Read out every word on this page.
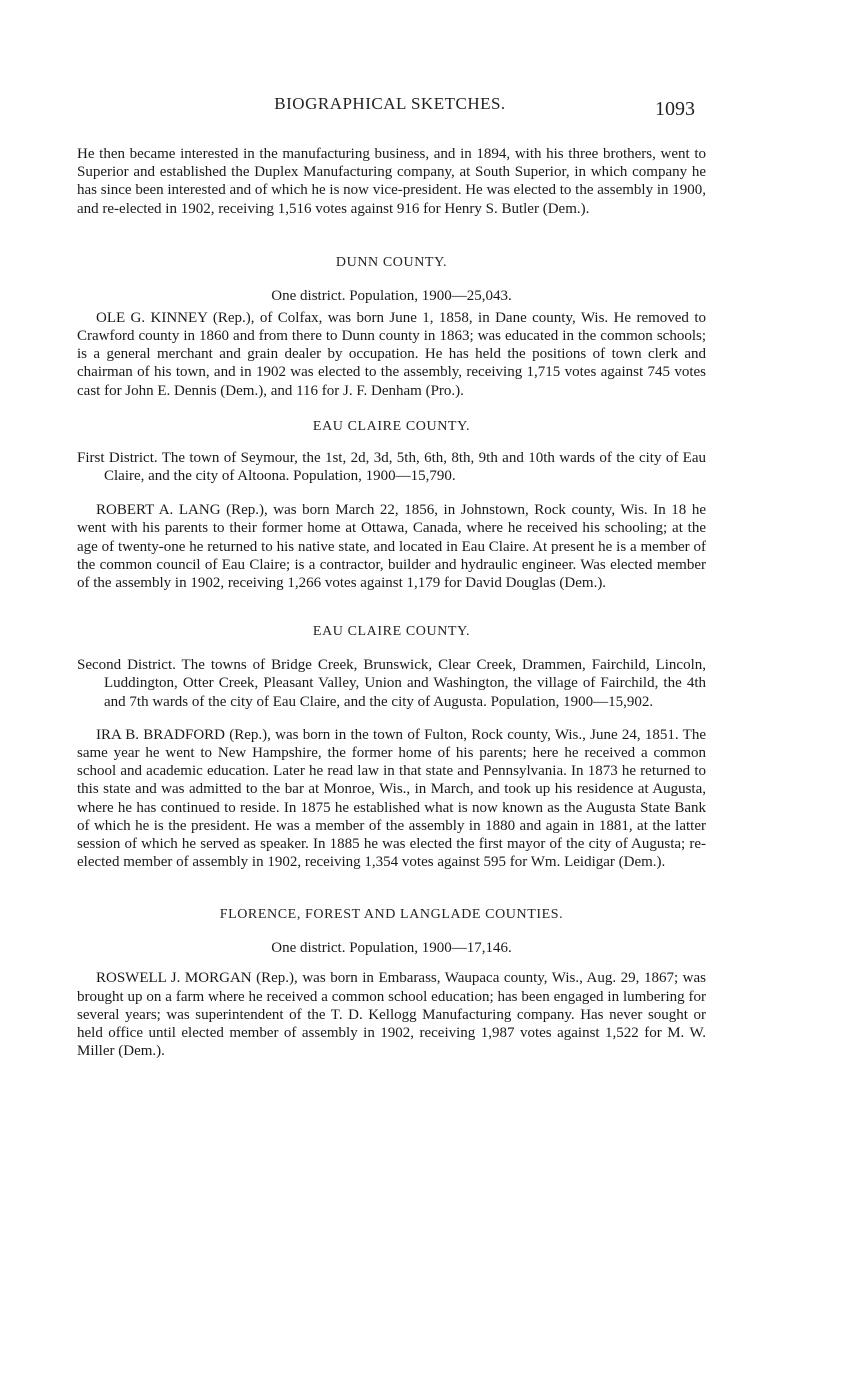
BIOGRAPHICAL SKETCHES.	1093

He then became interested in the manufacturing business, and in 1894, with his three brothers, went to Superior and established the Duplex Manufacturing company, at South Superior, in which company he has since been interested and of which he is now vice-president. He was elected to the assembly in 1900, and re-elected in 1902, receiving 1,516 votes against 916 for Henry S. Butler (Dem.).

DUNN COUNTY.

One district. Population, 1900—25,043.

OLE G. KINNEY (Rep.), of Colfax, was born June 1, 1858, in Dane county, Wis. He removed to Crawford county in 1860 and from there to Dunn county in 1863; was educated in the common schools; is a general merchant and grain dealer by occupation. He has held the positions of town clerk and chairman of his town, and in 1902 was elected to the assembly, receiving 1,715 votes against 745 votes cast for John E. Dennis (Dem.), and 116 for J. F. Denham (Pro.).

EAU CLAIRE COUNTY.

First District. The town of Seymour, the 1st, 2d, 3d, 5th, 6th, 8th, 9th and 10th wards of the city of Eau Claire, and the city of Altoona. Population, 1900—15,790.

ROBERT A. LANG (Rep.), was born March 22, 1856, in Johnstown, Rock county, Wis. In 18 he went with his parents to their former home at Ottawa, Canada, where he received his schooling; at the age of twenty-one he returned to his native state, and located in Eau Claire. At present he is a member of the common council of Eau Claire; is a contractor, builder and hydraulic engineer. Was elected member of the assembly in 1902, receiving 1,266 votes against 1,179 for David Douglas (Dem.).

EAU CLAIRE COUNTY.

Second District. The towns of Bridge Creek, Brunswick, Clear Creek, Drammen, Fairchild, Lincoln, Luddington, Otter Creek, Pleasant Valley, Union and Washington, the village of Fairchild, the 4th and 7th wards of the city of Eau Claire, and the city of Augusta. Population, 1900—15,902.

IRA B. BRADFORD (Rep.), was born in the town of Fulton, Rock county, Wis., June 24, 1851. The same year he went to New Hampshire, the former home of his parents; here he received a common school and academic education. Later he read law in that state and Pennsylvania. In 1873 he returned to this state and was admitted to the bar at Monroe, Wis., in March, and took up his residence at Augusta, where he has continued to reside. In 1875 he established what is now known as the Augusta State Bank of which he is the president. He was a member of the assembly in 1880 and again in 1881, at the latter session of which he served as speaker. In 1885 he was elected the first mayor of the city of Augusta; re-elected member of assembly in 1902, receiving 1,354 votes against 595 for Wm. Leidigar (Dem.).

FLORENCE, FOREST AND LANGLADE COUNTIES.

One district. Population, 1900—17,146.

ROSWELL J. MORGAN (Rep.), was born in Embarass, Waupaca county, Wis., Aug. 29, 1867; was brought up on a farm where he received a common school education; has been engaged in lumbering for several years; was superintendent of the T. D. Kellogg Manufacturing company. Has never sought or held office until elected member of assembly in 1902, receiving 1,987 votes against 1,522 for M. W. Miller (Dem.).
